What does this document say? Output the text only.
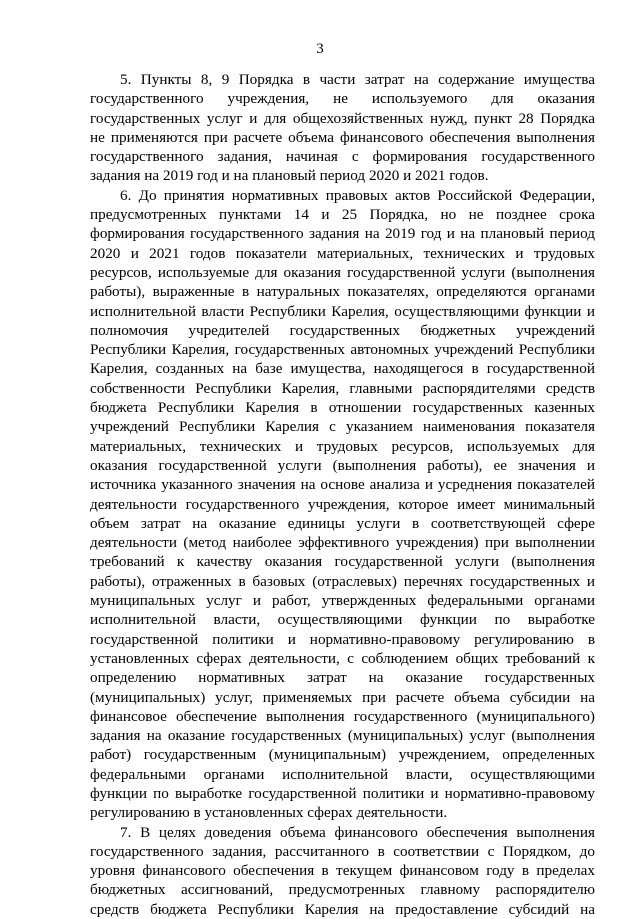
3
5. Пункты 8, 9 Порядка в части затрат на содержание имущества
государственного учреждения, не используемого для оказания
государственных услуг и для общехозяйственных нужд, пункт 28 Порядка
не применяются при расчете объема финансового обеспечения выполнения
государственного задания, начиная с формирования государственного
задания на 2019 год и на плановый период 2020 и 2021 годов.
6. До принятия нормативных правовых актов Российской Федерации,
предусмотренных пунктами 14 и 25 Порядка, но не позднее срока
формирования государственного задания на 2019 год и на плановый период
2020 и 2021 годов показатели материальных, технических и трудовых
ресурсов, используемые для оказания государственной услуги (выполнения
работы), выраженные в натуральных показателях, определяются органами
исполнительной власти Республики Карелия, осуществляющими функции и
полномочия учредителей государственных бюджетных учреждений
Республики Карелия, государственных автономных учреждений Республики
Карелия, созданных на базе имущества, находящегося в государственной
собственности Республики Карелия, главными распорядителями средств
бюджета Республики Карелия в отношении государственных казенных
учреждений Республики Карелия с указанием наименования показателя
материальных, технических и трудовых ресурсов, используемых для
оказания государственной услуги (выполнения работы), ее значения и
источника указанного значения на основе анализа и усреднения показателей
деятельности государственного учреждения, которое имеет минимальный
объем затрат на оказание единицы услуги в соответствующей сфере
деятельности (метод наиболее эффективного учреждения) при выполнении
требований к качеству оказания государственной услуги (выполнения
работы), отраженных в базовых (отраслевых) перечнях государственных и
муниципальных услуг и работ, утвержденных федеральными органами
исполнительной власти, осуществляющими функции по выработке
государственной политики и нормативно-правовому регулированию в
установленных сферах деятельности, с соблюдением общих требований к
определению нормативных затрат на оказание государственных
(муниципальных) услуг, применяемых при расчете объема субсидии на
финансовое обеспечение выполнения государственного (муниципального)
задания на оказание государственных (муниципальных) услуг (выполнения
работ) государственным (муниципальным) учреждением, определенных
федеральными органами исполнительной власти, осуществляющими
функции по выработке государственной политики и нормативно-правовому
регулированию в установленных сферах деятельности.
7. В целях доведения объема финансового обеспечения выполнения
государственного задания, рассчитанного в соответствии с Порядком, до
уровня финансового обеспечения в текущем финансовом году в пределах
бюджетных ассигнований, предусмотренных главному распорядителю
средств бюджета Республики Карелия на предоставление субсидий на
